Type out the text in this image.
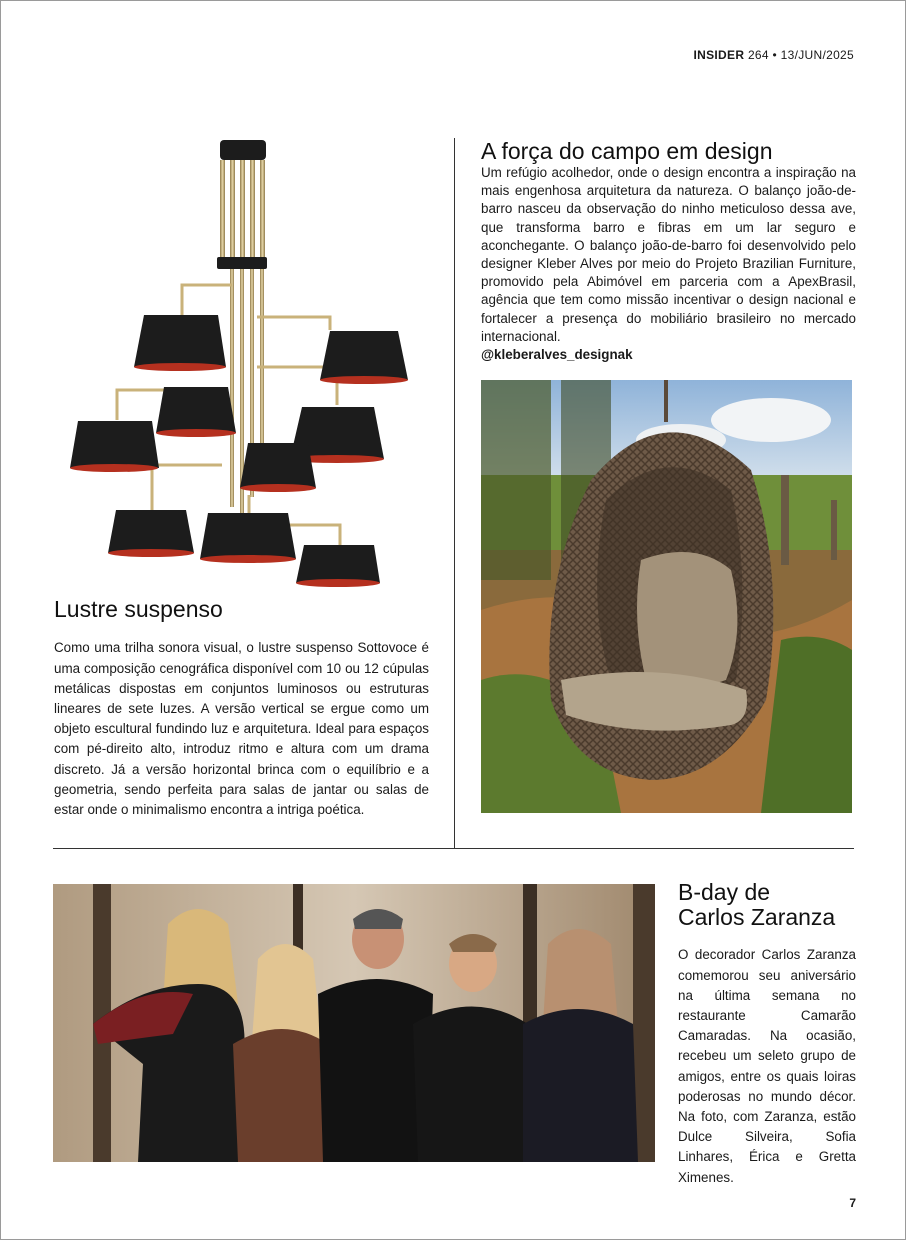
INSIDER 264 • 13/JUN/2025
Lustre suspenso

Como uma trilha sonora visual, o lustre suspenso Sottovoce é uma composição cenográfica disponível com 10 ou 12 cúpulas metálicas dispostas em conjuntos luminosos ou estruturas lineares de sete luzes. A versão vertical se ergue como um objeto escultural fundindo luz e arquitetura. Ideal para espaços com pé-direito alto, introduz ritmo e altura com um drama discreto. Já a versão horizontal brinca com o equilíbrio e a geometria, sendo perfeita para salas de jantar ou salas de estar onde o minimalismo encontra a intriga poética.

A força do campo em design
Um refúgio acolhedor, onde o design encontra a inspiração na mais engenhosa arquitetura da natureza. O balanço joão-de-barro nasceu da observação do ninho meticuloso dessa ave, que transforma barro e fibras em um lar seguro e aconchegante. O balanço joão-de-barro foi desenvolvido pelo designer Kleber Alves por meio do Projeto Brazilian Furniture, promovido pela Abimóvel em parceria com a ApexBrasil, agência que tem como missão incentivar o design nacional e fortalecer a presença do mobiliário brasileiro no mercado internacional.
@kleberalves_designak
B-day de
Carlos Zaranza

O decorador Carlos Zaranza comemorou seu aniversário na última semana no restaurante Camarão Camaradas. Na ocasião, recebeu um seleto grupo de amigos, entre os quais loiras poderosas no mundo décor. Na foto, com Zaranza, estão Dulce Silveira, Sofia Linhares, Érica e Gretta Ximenes.

7
